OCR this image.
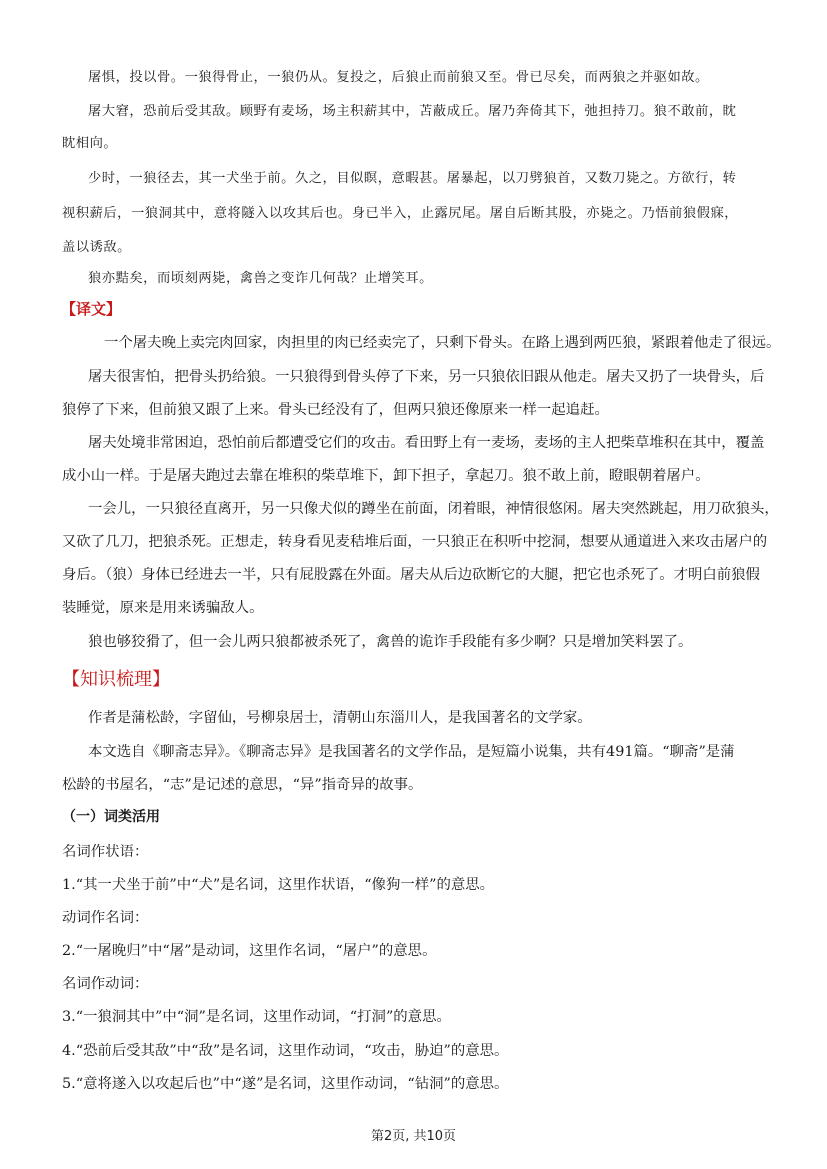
屠惧，投以骨。一狼得骨止，一狼仍从。复投之，后狼止而前狼又至。骨已尽矣，而两狼之并驱如故。
屠大窘，恐前后受其敌。顾野有麦场，场主积薪其中，苫蔽成丘。屠乃奔倚其下，弛担持刀。狼不敢前，眈
眈相向。
少时，一狼径去，其一犬坐于前。久之，目似瞑，意暇甚。屠暴起，以刀劈狼首，又数刀毙之。方欲行，转
视积薪后，一狼洞其中，意将隧入以攻其后也。身已半入，止露尻尾。屠自后断其股，亦毙之。乃悟前狼假寐，
盖以诱敌。
狼亦黠矣，而顷刻两毙，禽兽之变诈几何哉？止增笑耳。
【译文】
一个屠夫晚上卖完肉回家，肉担里的肉已经卖完了，只剩下骨头。在路上遇到两匹狼，紧跟着他走了很远。
屠夫很害怕，把骨头扔给狼。一只狼得到骨头停了下来，另一只狼依旧跟从他走。屠夫又扔了一块骨头，后
狼停了下来，但前狼又跟了上来。骨头已经没有了，但两只狼还像原来一样一起追赶。
屠夫处境非常困迫，恐怕前后都遭受它们的攻击。看田野上有一麦场，麦场的主人把柴草堆积在其中，覆盖
成小山一样。于是屠夫跑过去靠在堆积的柴草堆下，卸下担子，拿起刀。狼不敢上前，瞪眼朝着屠户。
一会儿，一只狼径直离开，另一只像犬似的蹲坐在前面，闭着眼，神情很悠闲。屠夫突然跳起，用刀砍狼头，
又砍了几刀，把狼杀死。正想走，转身看见麦秸堆后面，一只狼正在积听中挖洞，想要从通道进入来攻击屠户的
身后。（狼）身体已经进去一半，只有屁股露在外面。屠夫从后边砍断它的大腿，把它也杀死了。才明白前狼假
装睡觉，原来是用来诱骗敌人。
狼也够狡猾了，但一会儿两只狼都被杀死了，禽兽的诡诈手段能有多少啊？只是增加笑料罢了。
【知识梳理】
作者是蒲松龄，字留仙，号柳泉居士，清朝山东淄川人，是我国著名的文学家。
本文选自《聊斋志异》。《聊斋志异》是我国著名的文学作品，是短篇小说集，共有491篇。“聊斋”是蒲
松龄的书屋名，“志”是记述的意思，“异”指奇异的故事。
（一）词类活用
名词作状语：
1.“其一犬坐于前”中“犬”是名词，这里作状语，“像狗一样”的意思。
动词作名词：
2.“一屠晚归”中“屠”是动词，这里作名词，“屠户”的意思。
名词作动词：
3.“一狼洞其中”中“洞”是名词，这里作动词，“打洞”的意思。
4.“恐前后受其敌”中“敌”是名词，这里作动词，“攻击，胁迫”的意思。
5.“意将遂入以攻起后也”中“遂”是名词，这里作动词，“钻洞”的意思。
第2页, 共10页
